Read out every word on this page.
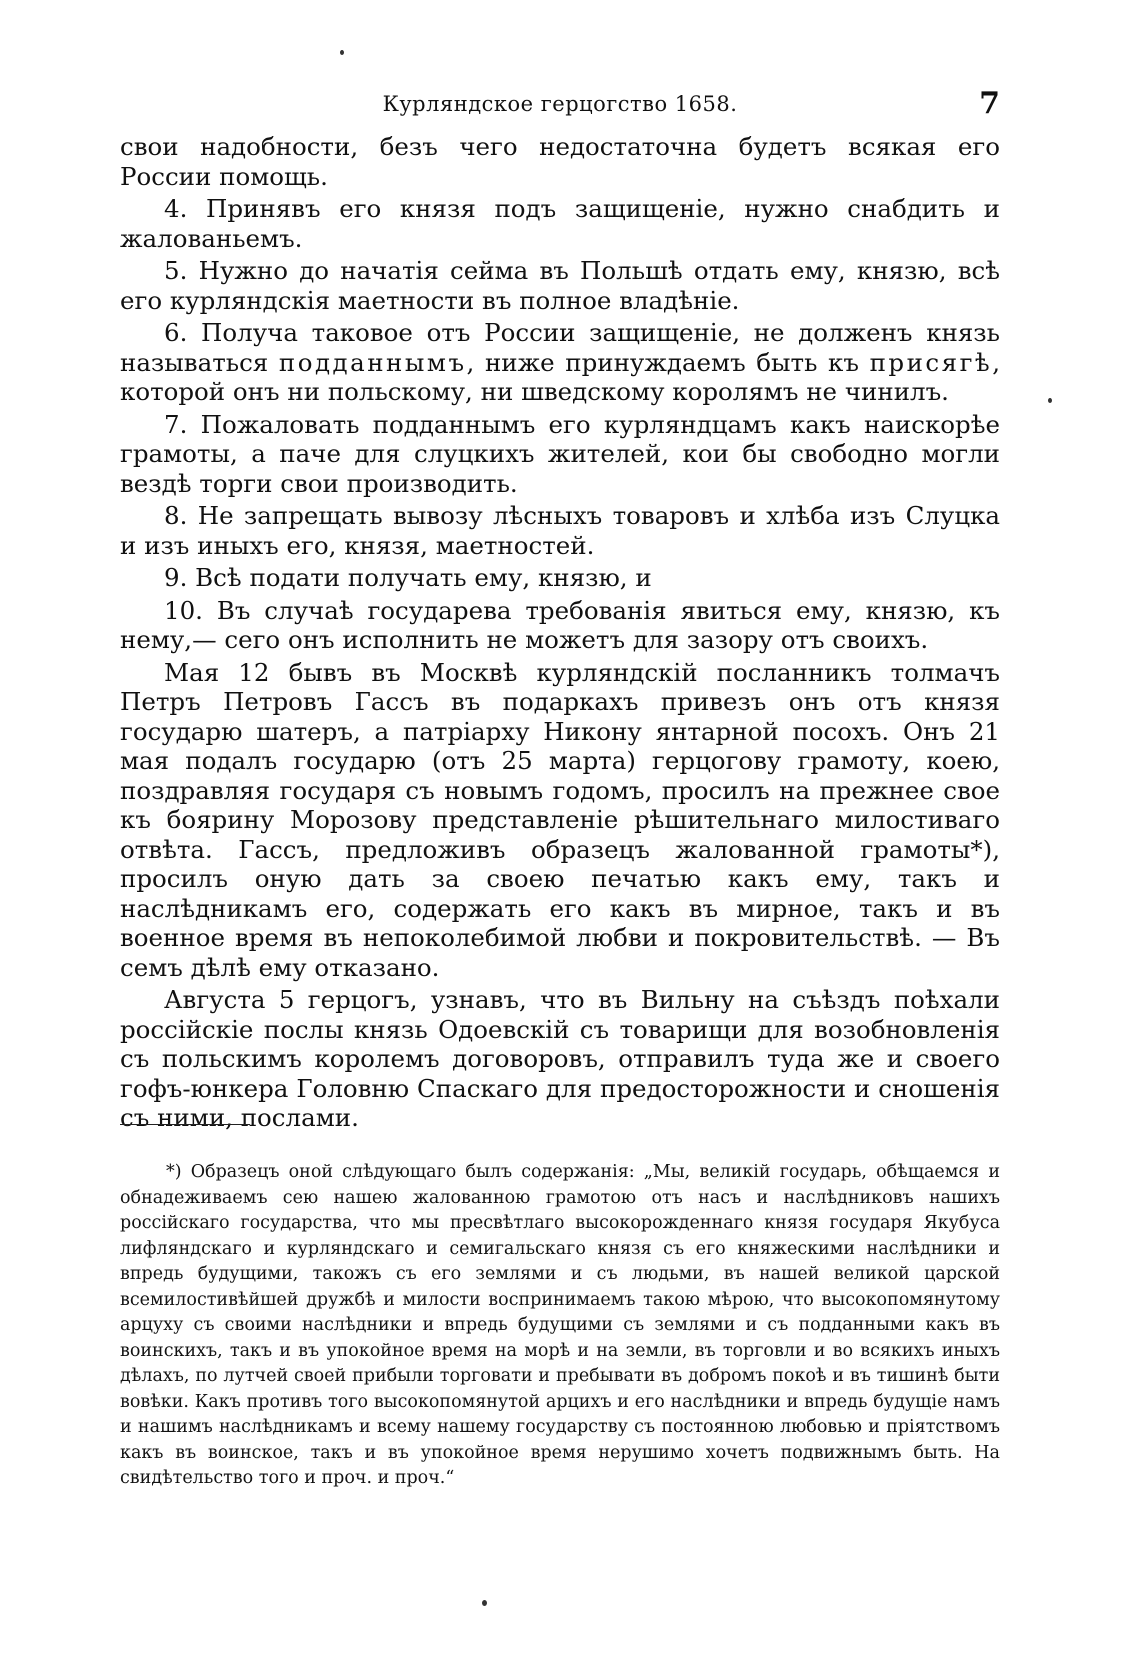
Курляндское герцогство 1658.	7

свои надобности, безъ чего недостаточна будетъ всякая его России помощь.

4. Принявъ его князя подъ защищеніе, нужно снабдить и жалованьемъ.

5. Нужно до начатія сейма въ Польшѣ отдать ему, князю, всѣ его курляндскія маетности въ полное владѣніе.

6. Получа таковое отъ России защищеніе, не долженъ князь называться подданнымъ, ниже принуждаемъ быть къ присягѣ, которой онъ ни польскому, ни шведскому королямъ не чинилъ.

7. Пожаловать подданнымъ его курляндцамъ какъ наискорѣе грамоты, а паче для слуцкихъ жителей, кои бы свободно могли вездѣ торги свои производить.

8. Не запрещать вывозу лѣсныхъ товаровъ и хлѣба изъ Слуцка и изъ иныхъ его, князя, маетностей.

9. Всѣ подати получать ему, князю, и

10. Въ случаѣ государева требованія явиться ему, князю, къ нему,— сего онъ исполнить не можетъ для зазору отъ своихъ.

Мая 12 бывъ въ Москвѣ курляндскій посланникъ толмачъ Петръ Петровъ Гассъ въ подаркахъ привезъ онъ отъ князя государю шатеръ, а патріарху Никону янтарной посохъ. Онъ 21 мая подалъ государю (отъ 25 марта) герцогову грамоту, коею, поздравляя государя съ новымъ годомъ, просилъ на прежнее свое къ боярину Морозову представленіе рѣшительнаго милостиваго отвѣта. Гассъ, предложивъ образецъ жалованной грамоты*), просилъ оную дать за своею печатью какъ ему, такъ и наслѣдникамъ его, содержать его какъ въ мирное, такъ и въ военное время въ непоколебимой любви и покровительствѣ. — Въ семъ дѣлѣ ему отказано.

Августа 5 герцогъ, узнавъ, что въ Вильну на съѣздъ поѣхали россійскіе послы князь Одоевскій съ товарищи для возобновленія съ польскимъ королемъ договоровъ, отправилъ туда же и своего гофъ-юнкера Головню Спаскаго для предосторожности и сношенія съ ними, послами.

*) Образецъ оной слѣдующаго былъ содержанія: „Мы, великій государь, обѣщаемся и обнадеживаемъ сею нашею жалованною грамотою отъ насъ и наслѣдниковъ нашихъ россійскаго государства, что мы пресвѣтлаго высокорожденнаго князя государя Якубуса лифляндскаго и курляндскаго и семигальскаго князя съ его княжескими наслѣдники и впредь будущими, такожъ съ его землями и съ людьми, въ нашей великой царской всемилостивѣйшей дружбѣ и милости воспринимаемъ такою мѣрою, что высокопомянутому арцуху съ своими наслѣдники и впредь будущими съ землями и съ подданными какъ въ воинскихъ, такъ и въ упокойное время на морѣ и на земли, въ торговли и во всякихъ иныхъ дѣлахъ, по лутчей своей прибыли торговати и пребывати въ добромъ покоѣ и въ тишинѣ быти вовѣки. Какъ противъ того высокопомянутой арцихъ и его наслѣдники и впредь будущіе намъ и нашимъ наслѣдникамъ и всему нашему государству съ постоянною любовью и пріятствомъ какъ въ воинское, такъ и въ упокойное время нерушимо хочетъ подвижнымъ быть. На свидѣтельство того и проч. и проч.“
